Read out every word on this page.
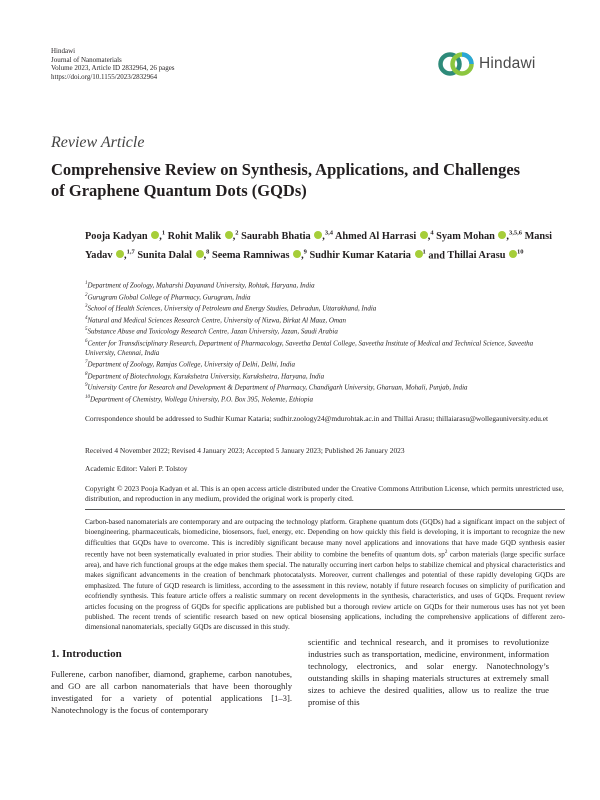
Hindawi
Journal of Nanomaterials
Volume 2023, Article ID 2832964, 26 pages
https://doi.org/10.1155/2023/2832964
Hindawi
Review Article
Comprehensive Review on Synthesis, Applications, and Challenges of Graphene Quantum Dots (GQDs)
Pooja Kadyan ,$^1$ Rohit Malik ,$^2$ Saurabh Bhatia ,$^{3,4}$ Ahmed Al Harrasi ,$^4$ Syam Mohan ,$^{3,5,6}$ Mansi Yadav ,$^{1,7}$ Sunita Dalal ,$^8$ Seema Ramniwas ,$^9$ Sudhir Kumar Kataria $^1$ and Thillai Arasu $^{10}$
$^1$Department of Zoology, Maharshi Dayanand University, Rohtak, Haryana, India
$^2$Gurugram Global College of Pharmacy, Gurugram, India
$^3$School of Health Sciences, University of Petroleum and Energy Studies, Dehradun, Uttarakhand, India
$^4$Natural and Medical Sciences Research Centre, University of Nizwa, Birkat Al Mauz, Oman
$^5$Substance Abuse and Toxicology Research Centre, Jazan University, Jazan, Saudi Arabia
$^6$Center for Transdisciplinary Research, Department of Pharmacology, Saveetha Dental College, Saveetha Institute of Medical and Technical Science, Saveetha University, Chennai, India
$^7$Department of Zoology, Ramjas College, University of Delhi, Delhi, India
$^8$Department of Biotechnology, Kurukshetra University, Kurukshetra, Haryana, India
$^9$University Centre for Research and Development & Department of Pharmacy, Chandigarh University, Gharuan, Mohali, Punjab, India
$^{10}$Department of Chemistry, Wollega University, P.O. Box 395, Nekemte, Ethiopia
Correspondence should be addressed to Sudhir Kumar Kataria; sudhir.zoology24@mdurohtak.ac.in and Thillai Arasu; thillaiarasu@wollegauniversity.edu.et
Received 4 November 2022; Revised 4 January 2023; Accepted 5 January 2023; Published 26 January 2023
Academic Editor: Valeri P. Tolstoy
Copyright © 2023 Pooja Kadyan et al. This is an open access article distributed under the Creative Commons Attribution License, which permits unrestricted use, distribution, and reproduction in any medium, provided the original work is properly cited.
Carbon-based nanomaterials are contemporary and are outpacing the technology platform. Graphene quantum dots (GQDs) had a significant impact on the subject of bioengineering, pharmaceuticals, biomedicine, biosensors, fuel, energy, etc. Depending on how quickly this field is developing, it is important to recognize the new difficulties that GQDs have to overcome. This is incredibly significant because many novel applications and innovations that have made GQD synthesis easier recently have not been systematically evaluated in prior studies. Their ability to combine the benefits of quantum dots, $sp^2$ carbon materials (large specific surface area), and have rich functional groups at the edge makes them special. The naturally occurring inert carbon helps to stabilize chemical and physical characteristics and makes significant advancements in the creation of benchmark photocatalysts. Moreover, current challenges and potential of these rapidly developing GQDs are emphasized. The future of GQD research is limitless, according to the assessment in this review, notably if future research focuses on simplicity of purification and ecofriendly synthesis. This feature article offers a realistic summary on recent developments in the synthesis, characteristics, and uses of GQDs. Frequent review articles focusing on the progress of GQDs for specific applications are published but a thorough review article on GQDs for their numerous uses has not yet been published. The recent trends of scientific research based on new optical biosensing applications, including the comprehensive applications of different zero-dimensional nanomaterials, specially GQDs are discussed in this study.
1. Introduction
Fullerene, carbon nanofiber, diamond, grapheme, carbon nanotubes, and GO are all carbon nanomaterials that have been thoroughly investigated for a variety of potential applications [1–3]. Nanotechnology is the focus of contemporary
scientific and technical research, and it promises to revolutionize industries such as transportation, medicine, environment, information technology, electronics, and solar energy. Nanotechnology’s outstanding skills in shaping materials structures at extremely small sizes to achieve the desired qualities, allow us to realize the true promise of this
